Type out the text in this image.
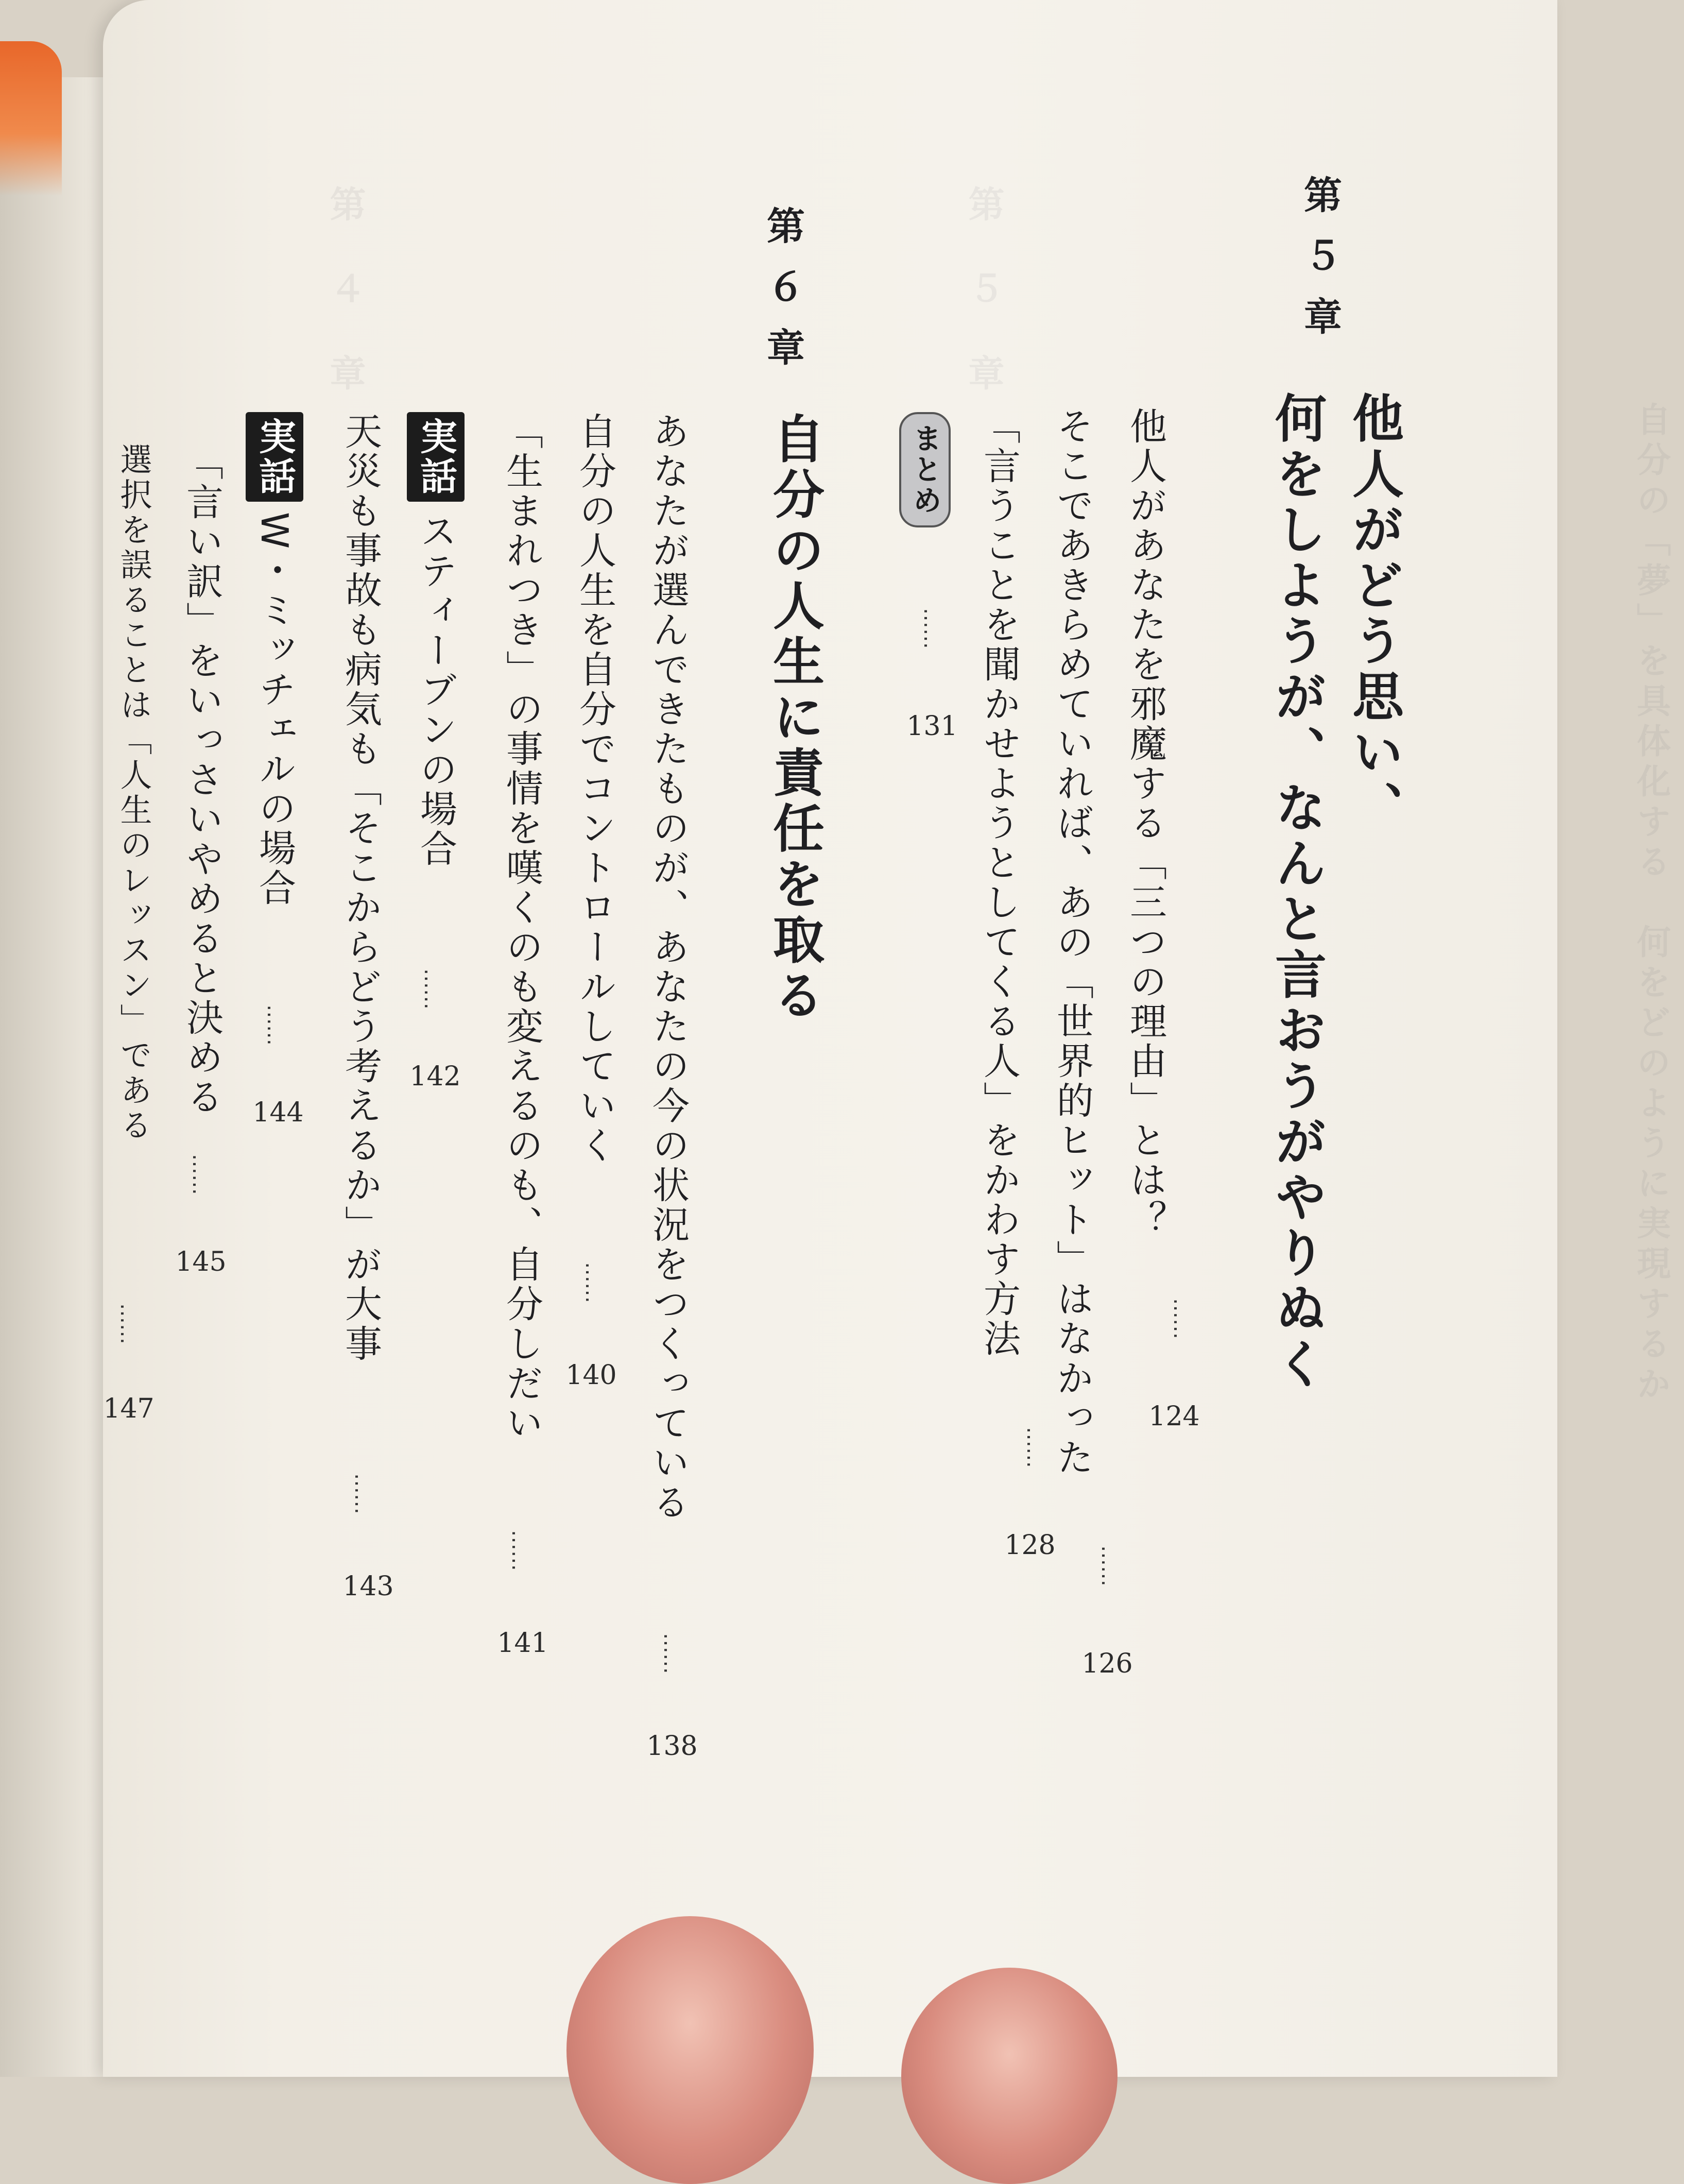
第　５　章
第　４　章
自分の「夢」を具体化する　何をどのように実現するか
第５章
他人がどう思い、
何をしようが、なんと言おうがやりぬく
他人があなたを邪魔する「三つの理由」とは？
……
124
そこであきらめていれば、あの「世界的ヒット」はなかった
……
126
「言うことを聞かせようとしてくる人」をかわす方法
……
128
まとめ
……
131
第６章
自分の人生に責任を取る
あなたが選んできたものが、あなたの今の状況をつくっている
……
138
自分の人生を自分でコントロールしていく
……
140
「生まれつき」の事情を嘆くのも変えるのも、自分しだい
……
141
実話スティーブンの場合
……
142
天災も事故も病気も「そこからどう考えるか」が大事
……
143
実話W・ミッチェルの場合
……
144
「言い訳」をいっさいやめると決める
……
145
選択を誤ることは「人生のレッスン」である
……
147
